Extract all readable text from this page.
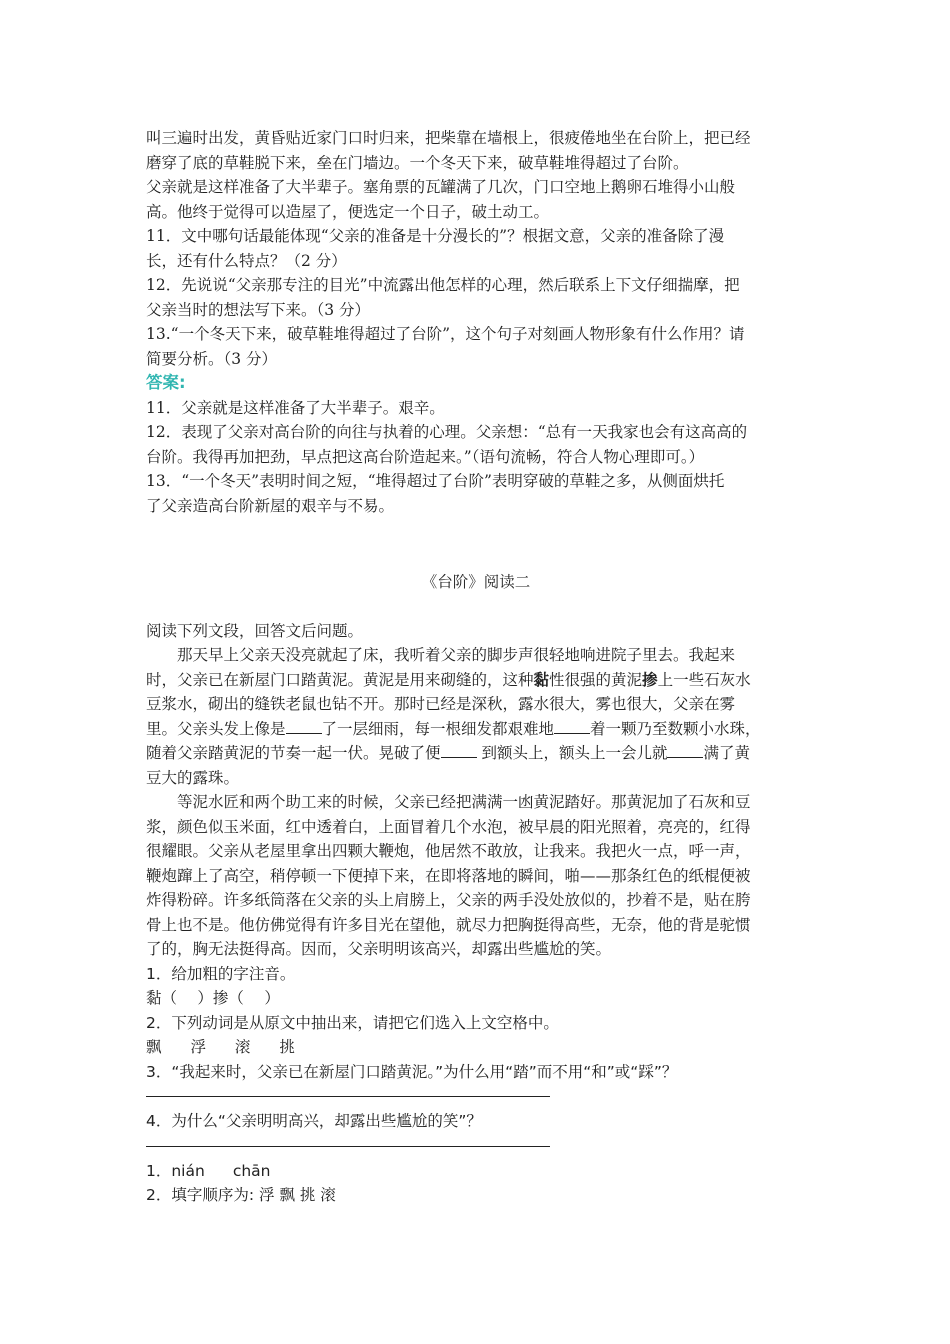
叫三遍时出发，黄昏贴近家门口时归来，把柴靠在墙根上，很疲倦地坐在台阶上，把已经

磨穿了底的草鞋脱下来，垒在门墙边。一个冬天下来，破草鞋堆得超过了台阶。

父亲就是这样准备了大半辈子。塞角票的瓦罐满了几次，门口空地上鹅卵石堆得小山般

高。他终于觉得可以造屋了，便选定一个日子，破土动工。

11．文中哪句话最能体现“父亲的准备是十分漫长的”？根据文意，父亲的准备除了漫

长，还有什么特点？（2 分）

12．先说说“父亲那专注的目光”中流露出他怎样的心理，然后联系上下文仔细揣摩，把

父亲当时的想法写下来。（3 分）

13.“一个冬天下来，破草鞋堆得超过了台阶”，这个句子对刻画人物形象有什么作用？请

简要分析。（3 分）

答案:

11．父亲就是这样准备了大半辈子。艰辛。

12．表现了父亲对高台阶的向往与执着的心理。父亲想：“总有一天我家也会有这高高的

台阶。我得再加把劲，早点把这高台阶造起来。”（语句流畅，符合人物心理即可。）

13．“一个冬天”表明时间之短，“堆得超过了台阶”表明穿破的草鞋之多，从侧面烘托

了父亲造高台阶新屋的艰辛与不易。

《台阶》阅读二

阅读下列文段，回答文后问题。

那天早上父亲天没亮就起了床，我听着父亲的脚步声很轻地响进院子里去。我起来

时，父亲已在新屋门口踏黄泥。黄泥是用来砌缝的，这种黏性很强的黄泥掺上一些石灰水

豆浆水，砌出的缝铁老鼠也钻不开。那时已经是深秋，露水很大，雾也很大，父亲在雾

里。父亲头发上像是 了一层细雨，每一根细发都艰难地 着一颗乃至数颗小水珠，

随着父亲踏黄泥的节奏一起一伏。晃破了便	到额头上，额头上一会儿就 满了黄

豆大的露珠。

等泥水匠和两个助工来的时候，父亲已经把满满一凼黄泥踏好。那黄泥加了石灰和豆

浆，颜色似玉米面，红中透着白，上面冒着几个水泡，被早晨的阳光照着，亮亮的，红得

很耀眼。父亲从老屋里拿出四颗大鞭炮，他居然不敢放，让我来。我把火一点，呼一声，

鞭炮蹿上了高空，稍停顿一下便掉下来，在即将落地的瞬间，啪——那条红色的纸棍便被

炸得粉碎。许多纸筒落在父亲的头上肩膀上，父亲的两手没处放似的，抄着不是，贴在胯

骨上也不是。他仿佛觉得有许多目光在望他，就尽力把胸挺得高些，无奈，他的背是驼惯

了的，胸无法挺得高。因而，父亲明明该高兴，却露出些尴尬的笑。

1．给加粗的字注音。

黏（　 ）掺（　 ）

2．下列动词是从原文中抽出来，请把它们选入上文空格中。

飘 浮 滚 挑

3．“我起来时，父亲已在新屋门口踏黄泥。”为什么用“踏”而不用“和”或“踩”？

4．为什么“父亲明明高兴，却露出些尴尬的笑”？

1．nián chān

2．填字顺序为: 浮 飘 挑 滚
